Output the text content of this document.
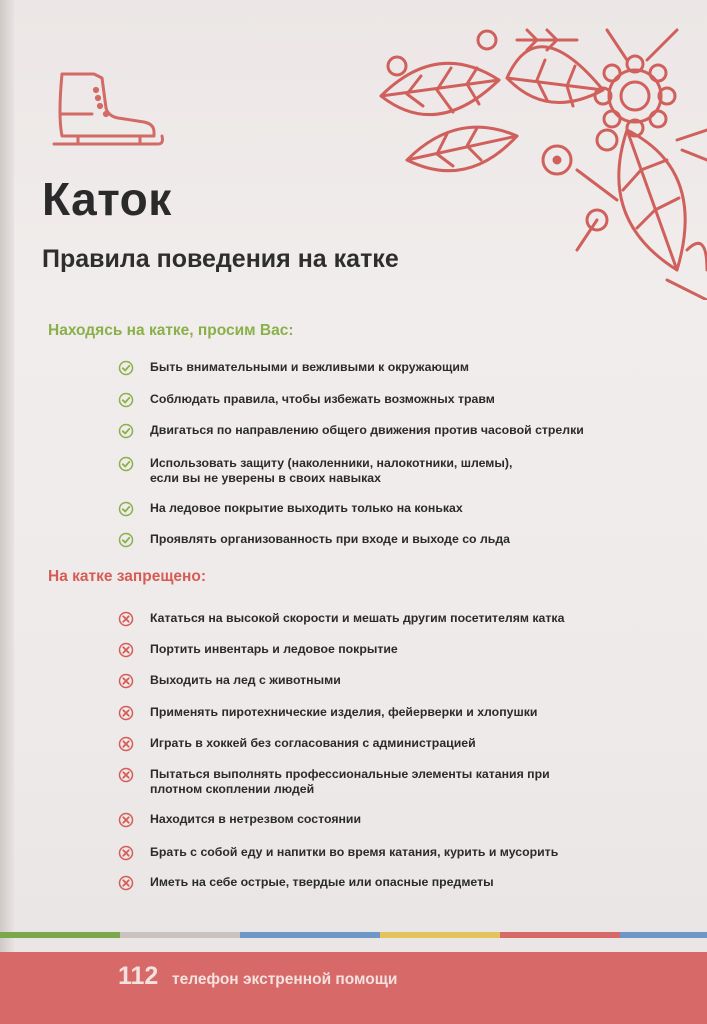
Каток
Правила поведения на катке
Находясь на катке, просим Вас:
Быть внимательными и вежливыми к окружающим
Соблюдать правила, чтобы избежать возможных травм
Двигаться по направлению общего движения против часовой стрелки
Использовать защиту (наколенники, налокотники, шлемы),
если вы не уверены в своих навыках
На ледовое покрытие выходить только на коньках
Проявлять организованность при входе и выходе со льда
На катке запрещено:
Кататься на высокой скорости и мешать другим посетителям катка
Портить инвентарь и ледовое покрытие
Выходить на лед с животными
Применять пиротехнические изделия, фейерверки и хлопушки
Играть в хоккей без согласования с администрацией
Пытаться выполнять профессиональные элементы катания при
плотном скоплении людей
Находится в нетрезвом состоянии
Брать с собой еду и напитки во время катания, курить и мусорить
Иметь на себе острые, твердые или опасные предметы
112 телефон экстренной помощи
